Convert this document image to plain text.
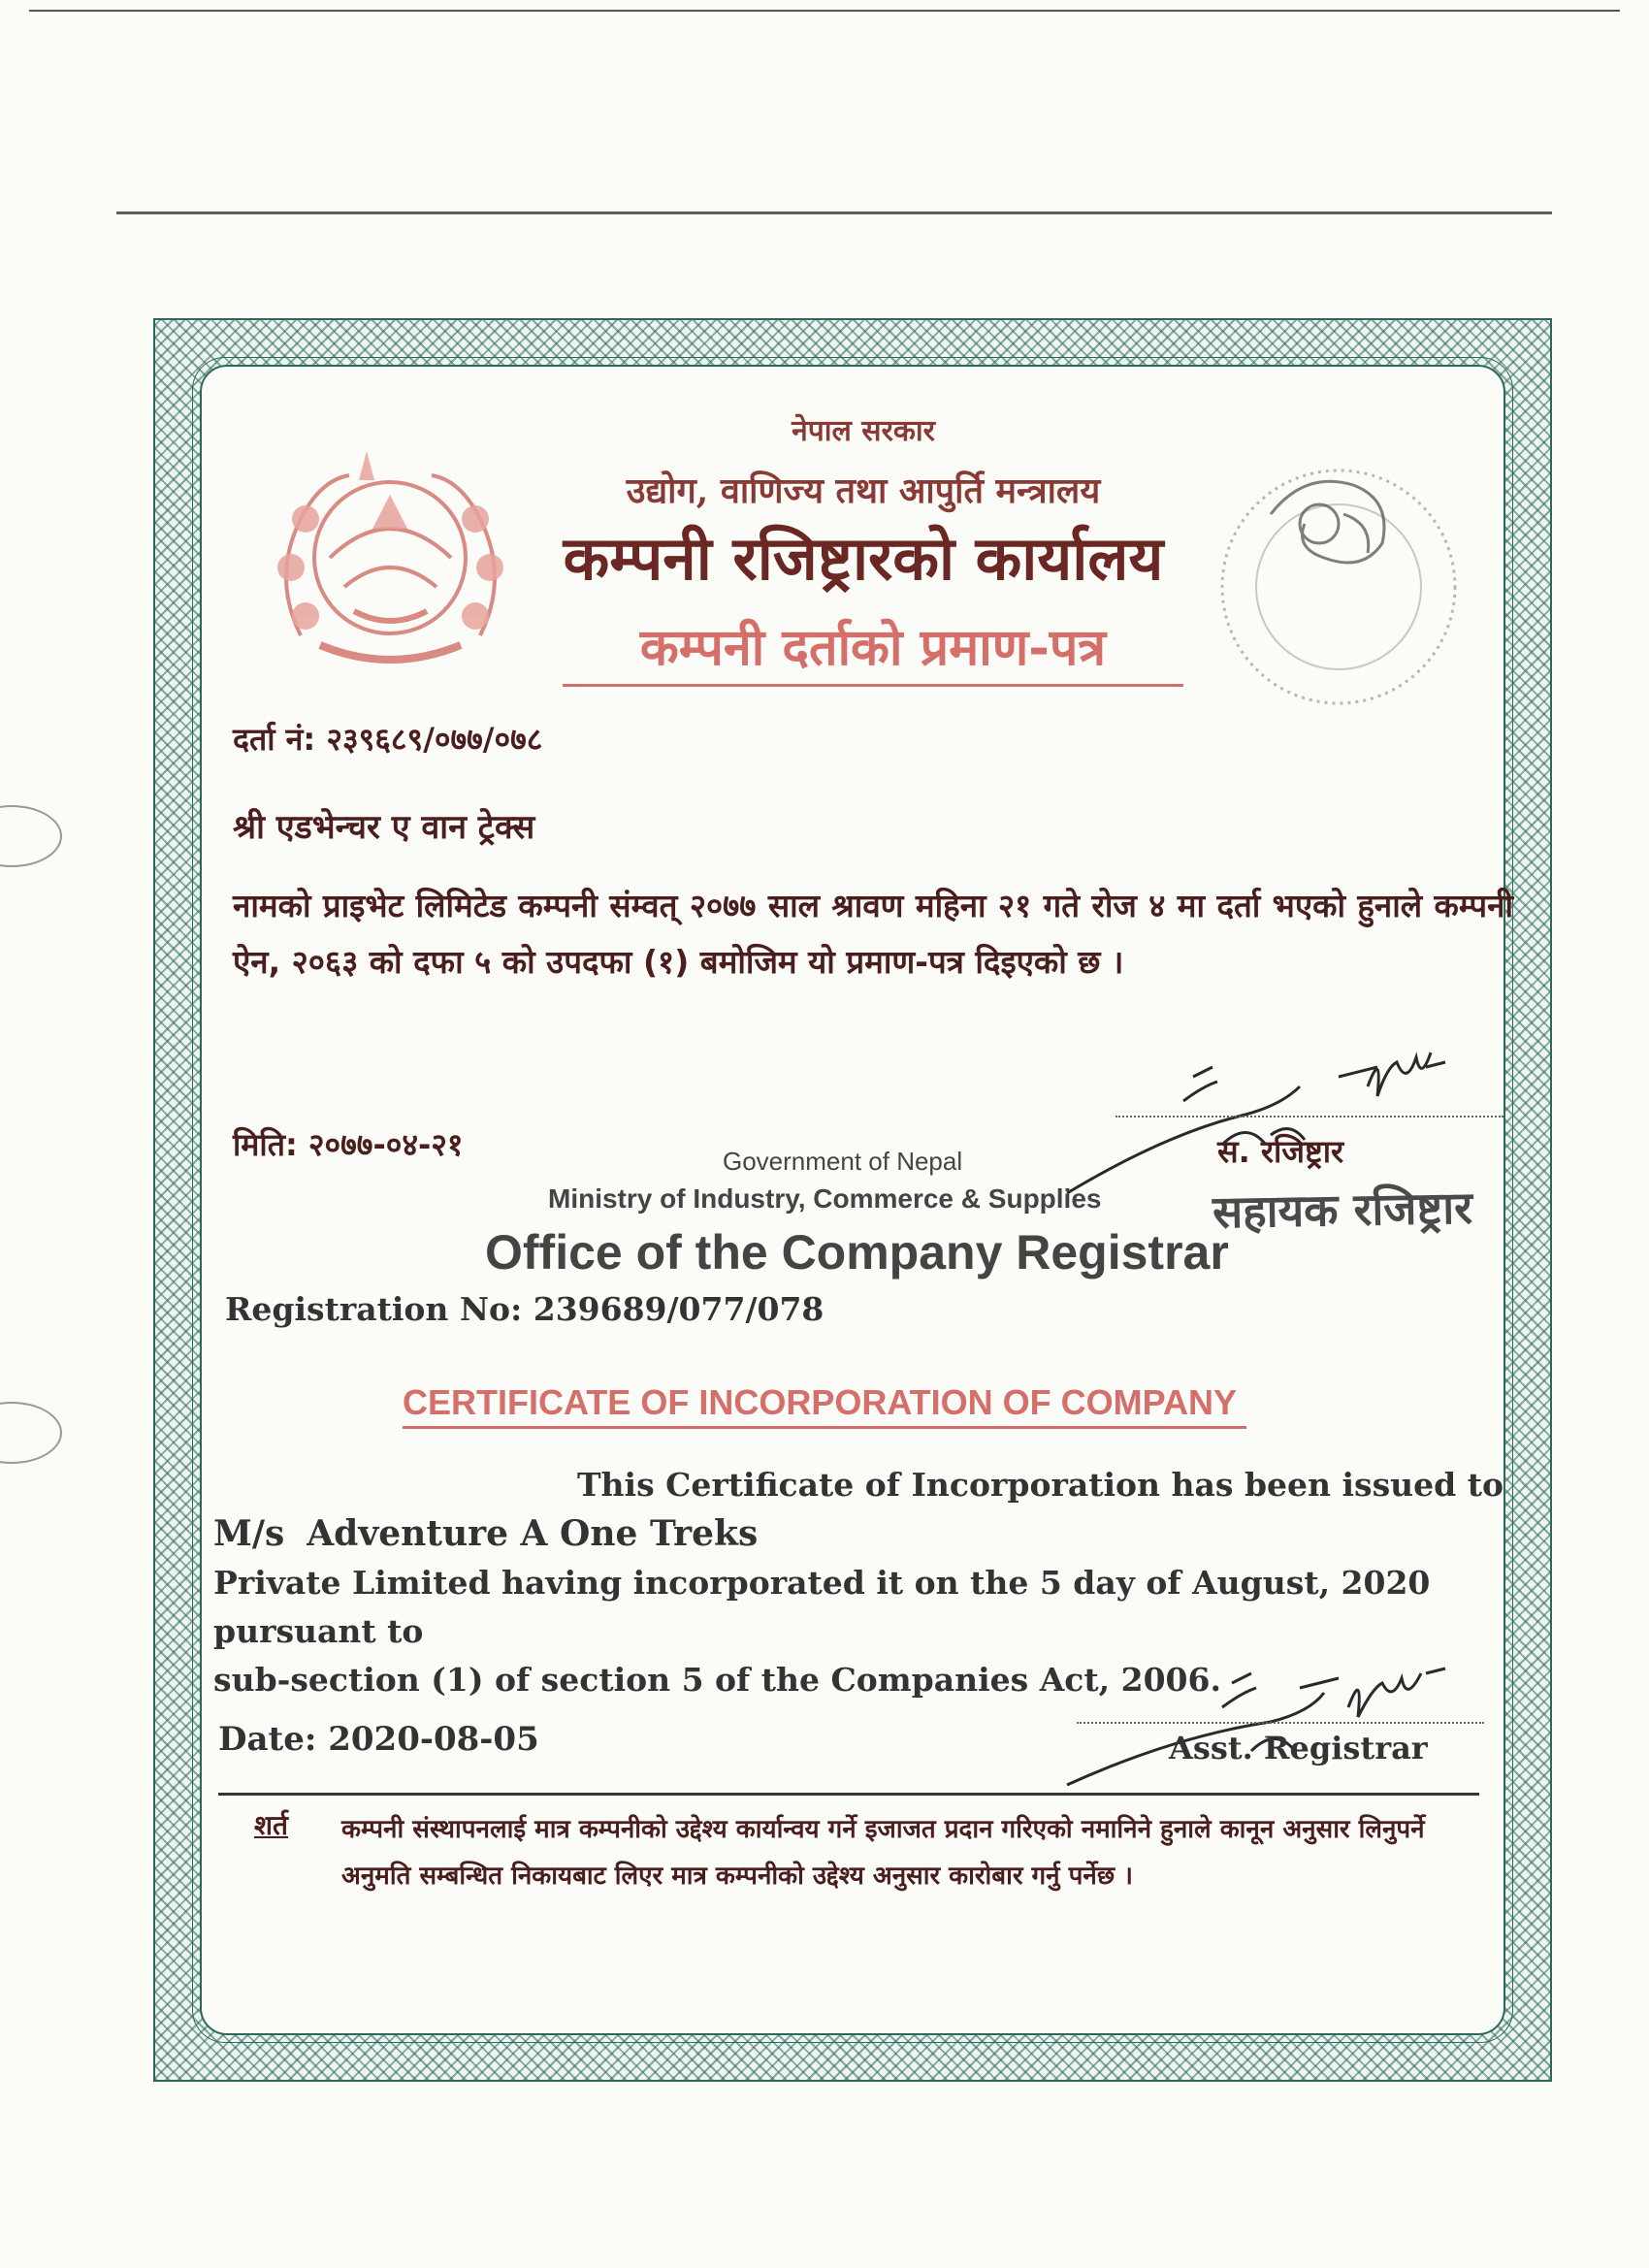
नेपाल सरकार
उद्योग, वाणिज्य तथा आपुर्ति मन्त्रालय
कम्पनी रजिष्ट्रारको कार्यालय
कम्पनी दर्ताको प्रमाण-पत्र

दर्ता नं: २३९६८९/०७७/०७८

श्री एडभेन्चर ए वान ट्रेक्स

नामको प्राइभेट लिमिटेड कम्पनी संम्वत् २०७७ साल श्रावण महिना २१ गते रोज ४ मा दर्ता भएको हुनाले कम्पनी ऐन, २०६३ को दफा ५ को उपदफा (१) बमोजिम यो प्रमाण-पत्र दिइएको छ ।

मिति: २०७७-०४-२१	स. रजिष्ट्रार

सहायक रजिष्ट्रार

Government of Nepal

Ministry of Industry, Commerce & Supplies

Office of the Company Registrar

Registration No: 239689/077/078

CERTIFICATE OF INCORPORATION OF COMPANY

This Certificate of Incorporation has been issued to
M/s Adventure A One Treks
Private Limited having incorporated it on the 5 day of August, 2020 pursuant to
sub-section (1) of section 5 of the Companies Act, 2006.

Date: 2020-08-05	Asst. Registrar

शर्त कम्पनी संस्थापनलाई मात्र कम्पनीको उद्देश्य कार्यान्वय गर्ने इजाजत प्रदान गरिएको नमानिने हुनाले कानून अनुसार लिनुपर्ने अनुमति सम्बन्धित निकायबाट लिएर मात्र कम्पनीको उद्देश्य अनुसार कारोबार गर्नु पर्नेछ ।
